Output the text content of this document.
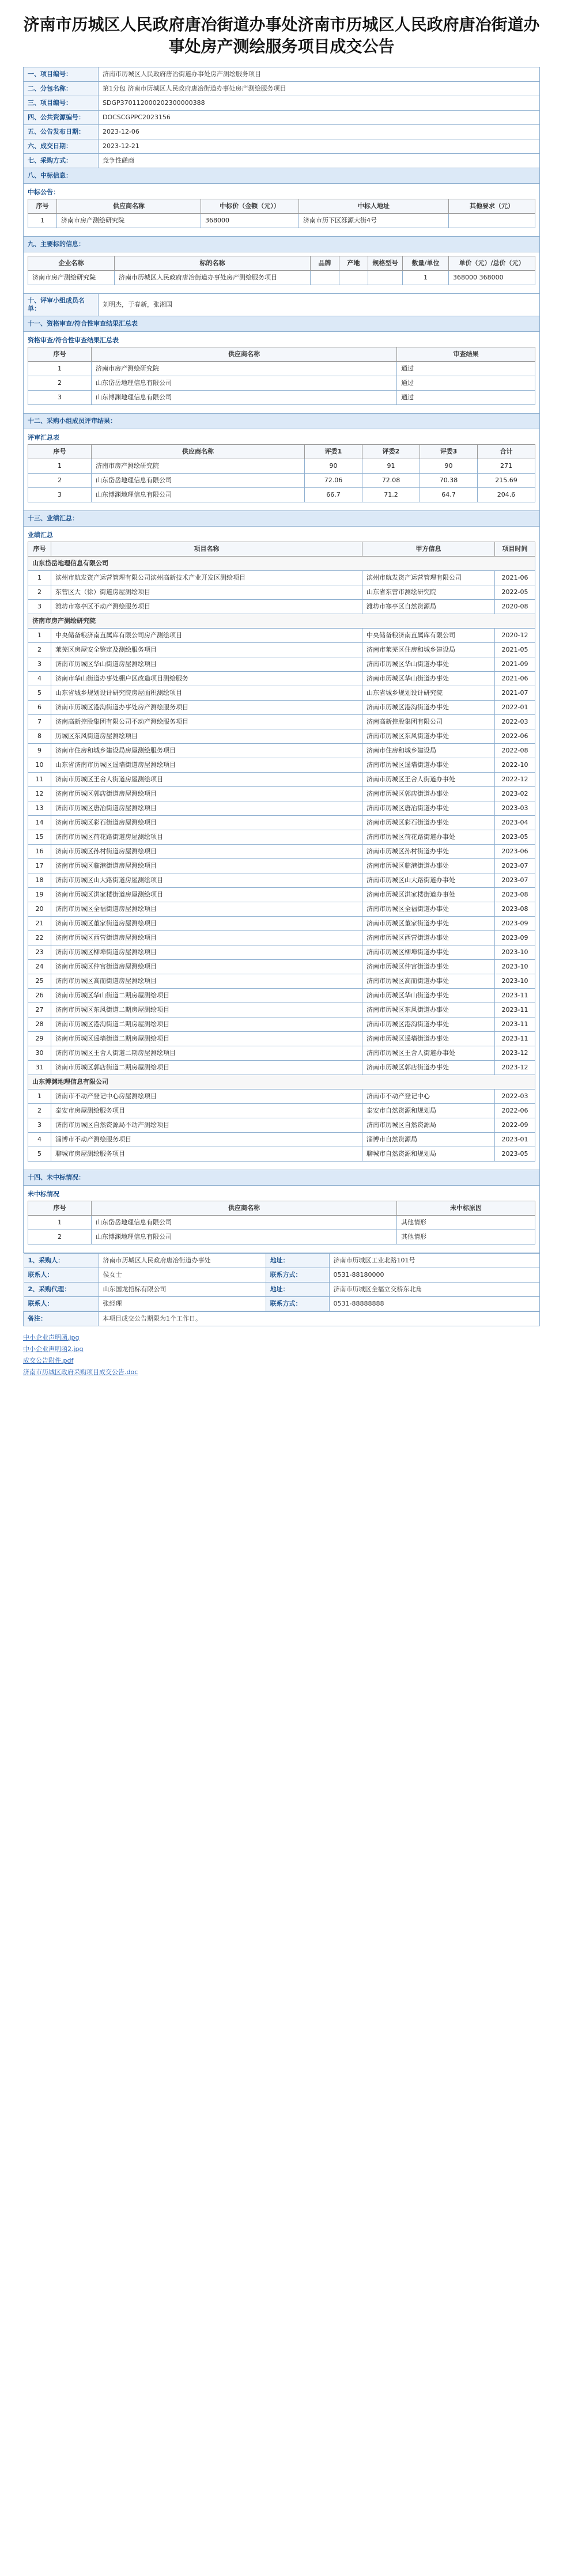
济南市历城区人民政府唐冶街道办事处济南市历城区人民政府唐冶街道办事处房产测绘服务项目成交公告
一、项目编号：	济南市历城区人民政府唐冶街道办事处房产测绘服务项目
二、分包名称：	第1分包 济南市历城区人民政府唐冶街道办事处房产测绘服务项目
三、项目编号：	SDGP370112000202300000388
四、公共资源编号：	DOCSCGPPC2023156
五、公告发布日期：	2023-12-06
六、成交日期：	2023-12-21
七、采购方式：	竞争性磋商
八、中标信息：

中标公告：
序号	供应商名称	中标价（金额（元））	中标人地址	其他要求（元）
1	济南市房产测绘研究院	368000	济南市历下区泺源大街4号	

九、主要标的信息：

企业名称	标的名称	品牌	产地	规格型号	数量/单位	单价（元）/总价（元）
济南市房产测绘研究院	济南市历城区人民政府唐冶街道办事处房产测绘服务项目				1	368000 368000

十、评审小组成员名单：	刘明杰，于春新，张湘国
十一、资格审查/符合性审查结果汇总表

资格审查/符合性审查结果汇总表
序号	供应商名称	审查结果
1	济南市房产测绘研究院	通过
2	山东岱岳地理信息有限公司	通过
3	山东博渊地理信息有限公司	通过

十二、采购小组成员评审结果：

评审汇总表
序号	供应商名称	评委1	评委2	评委3	合计
1	济南市房产测绘研究院	90	91	90	271
2	山东岱岳地理信息有限公司	72.06	72.08	70.38	215.69
3	山东博渊地理信息有限公司	66.7	71.2	64.7	204.6

十三、业绩汇总：

业绩汇总
序号	项目名称	甲方信息	项目时间
山东岱岳地理信息有限公司
1	滨州市航发资产运营管理有限公司滨州高新技术产业开发区测绘项目	滨州市航发资产运营管理有限公司	2021-06
2	东营区大（徐）街道房屋测绘项目	山东省东营市测绘研究院	2022-05
3	潍坊市寒亭区不动产测绘服务项目	潍坊市寒亭区自然资源局	2020-08
济南市房产测绘研究院
1	中央储备粮济南直属库有限公司房产测绘项目	中央储备粮济南直属库有限公司	2020-12
2	莱芜区房屋安全鉴定及测绘服务项目	济南市莱芜区住房和城乡建设局	2021-05
3	济南市历城区华山街道房屋测绘项目	济南市历城区华山街道办事处	2021-09
4	济南市华山街道办事处棚户区改造项目测绘服务	济南市历城区华山街道办事处	2021-06
5	山东省城乡规划设计研究院房屋面积测绘项目	山东省城乡规划设计研究院	2021-07
6	济南市历城区港沟街道办事处房产测绘服务项目	济南市历城区港沟街道办事处	2022-01
7	济南高新控股集团有限公司不动产测绘服务项目	济南高新控股集团有限公司	2022-03
8	历城区东风街道房屋测绘项目	济南市历城区东风街道办事处	2022-06
9	济南市住房和城乡建设局房屋测绘服务项目	济南市住房和城乡建设局	2022-08
10	山东省济南市历城区遥墙街道房屋测绘项目	济南市历城区遥墙街道办事处	2022-10
11	济南市历城区王舍人街道房屋测绘项目	济南市历城区王舍人街道办事处	2022-12
12	济南市历城区郭店街道房屋测绘项目	济南市历城区郭店街道办事处	2023-02
13	济南市历城区唐冶街道房屋测绘项目	济南市历城区唐冶街道办事处	2023-03
14	济南市历城区彩石街道房屋测绘项目	济南市历城区彩石街道办事处	2023-04
15	济南市历城区荷花路街道房屋测绘项目	济南市历城区荷花路街道办事处	2023-05
16	济南市历城区孙村街道房屋测绘项目	济南市历城区孙村街道办事处	2023-06
17	济南市历城区临港街道房屋测绘项目	济南市历城区临港街道办事处	2023-07
18	济南市历城区山大路街道房屋测绘项目	济南市历城区山大路街道办事处	2023-07
19	济南市历城区洪家楼街道房屋测绘项目	济南市历城区洪家楼街道办事处	2023-08
20	济南市历城区全福街道房屋测绘项目	济南市历城区全福街道办事处	2023-08
21	济南市历城区董家街道房屋测绘项目	济南市历城区董家街道办事处	2023-09
22	济南市历城区西营街道房屋测绘项目	济南市历城区西营街道办事处	2023-09
23	济南市历城区柳埠街道房屋测绘项目	济南市历城区柳埠街道办事处	2023-10
24	济南市历城区仲宫街道房屋测绘项目	济南市历城区仲宫街道办事处	2023-10
25	济南市历城区高而街道房屋测绘项目	济南市历城区高而街道办事处	2023-10
26	济南市历城区华山街道二期房屋测绘项目	济南市历城区华山街道办事处	2023-11
27	济南市历城区东风街道二期房屋测绘项目	济南市历城区东风街道办事处	2023-11
28	济南市历城区港沟街道二期房屋测绘项目	济南市历城区港沟街道办事处	2023-11
29	济南市历城区遥墙街道二期房屋测绘项目	济南市历城区遥墙街道办事处	2023-11
30	济南市历城区王舍人街道二期房屋测绘项目	济南市历城区王舍人街道办事处	2023-12
31	济南市历城区郭店街道二期房屋测绘项目	济南市历城区郭店街道办事处	2023-12
山东博渊地理信息有限公司
1	济南市不动产登记中心房屋测绘项目	济南市不动产登记中心	2022-03
2	泰安市房屋测绘服务项目	泰安市自然资源和规划局	2022-06
3	济南市历城区自然资源局不动产测绘项目	济南市历城区自然资源局	2022-09
4	淄博市不动产测绘服务项目	淄博市自然资源局	2023-01
5	聊城市房屋测绘服务项目	聊城市自然资源和规划局	2023-05

十四、未中标情况：

未中标情况
序号	供应商名称	未中标原因
1	山东岱岳地理信息有限公司	其他情形
2	山东博渊地理信息有限公司	其他情形

1、采购人：	济南市历城区人民政府唐冶街道办事处	地址：	济南市历城区工业北路101号
联系人：	侯女士	联系方式：	0531-88180000
2、采购代理：	山东国龙招标有限公司	地址：	济南市历城区全福立交桥东北角
联系人：	张经理	联系方式：	0531-88888888

备注：	本项目成交公告期限为1个工作日。
中小企业声明函.jpg
中小企业声明函2.jpg
成交公告附件.pdf
济南市历城区政府采购项目成交公告.doc
